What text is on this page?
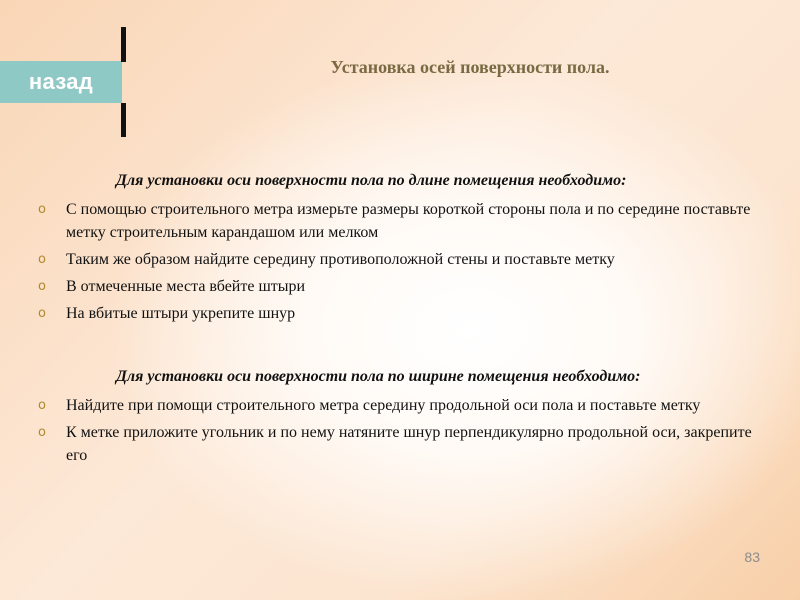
назад
Установка осей поверхности пола.
Для установки оси поверхности пола по длине помещения необходимо:
o С помощью строительного метра измерьте размеры короткой стороны пола и по середине поставьте метку строительным карандашом или мелком
o Таким же образом найдите середину противоположной стены и поставьте метку
o В отмеченные места вбейте штыри
o На вбитые штыри укрепите шнур
Для установки оси поверхности пола по ширине помещения необходимо:
o Найдите при помощи строительного метра середину продольной оси пола и поставьте метку
o К метке приложите угольник и по нему натяните шнур перпендикулярно продольной оси, закрепите его
83
